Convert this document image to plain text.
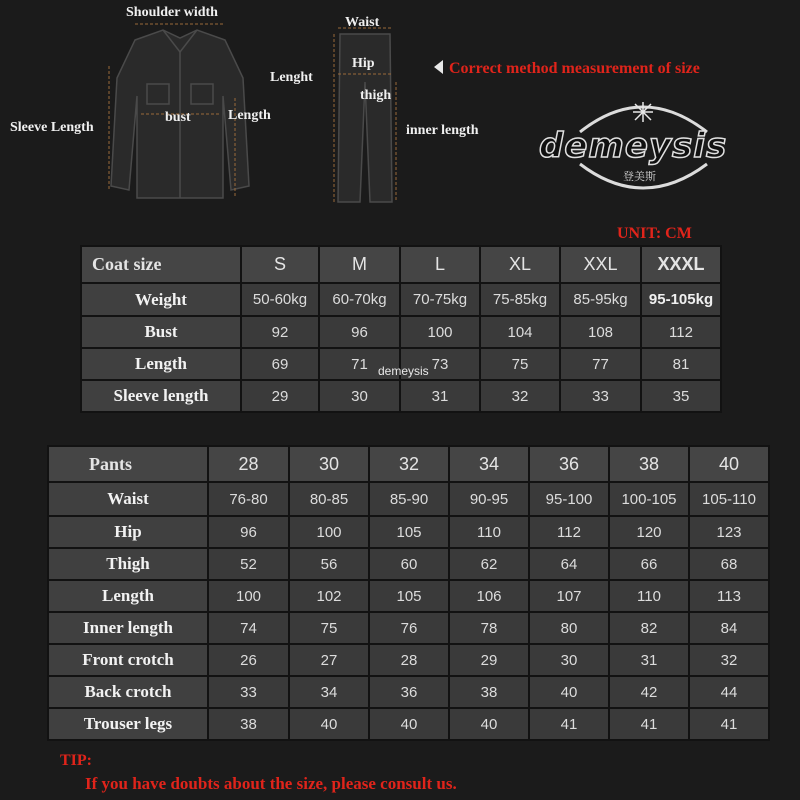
Shoulder width
Sleeve Length
bust	Length
Waist
Hip
Lenght
thigh
inner length
Correct method measurement of size
demeysis
登美斯
UNIT: CM
Coat size	S	M	L	XL	XXL	XXXL
Weight	50-60kg	60-70kg	70-75kg	75-85kg	85-95kg	95-105kg
Bust	92	96	100	104	108	112
Length	69	71	73	75	77	81
Sleeve length	29	30	31	32	33	35
demeysis
Pants	28	30	32	34	36	38	40
Waist	76-80	80-85	85-90	90-95	95-100	100-105	105-110
Hip	96	100	105	110	112	120	123
Thigh	52	56	60	62	64	66	68
Length	100	102	105	106	107	110	113
Inner length	74	75	76	78	80	82	84
Front crotch	26	27	28	29	30	31	32
Back crotch	33	34	36	38	40	42	44
Trouser legs	38	40	40	40	41	41	41
TIP:
If you have doubts about the size, please consult us.
